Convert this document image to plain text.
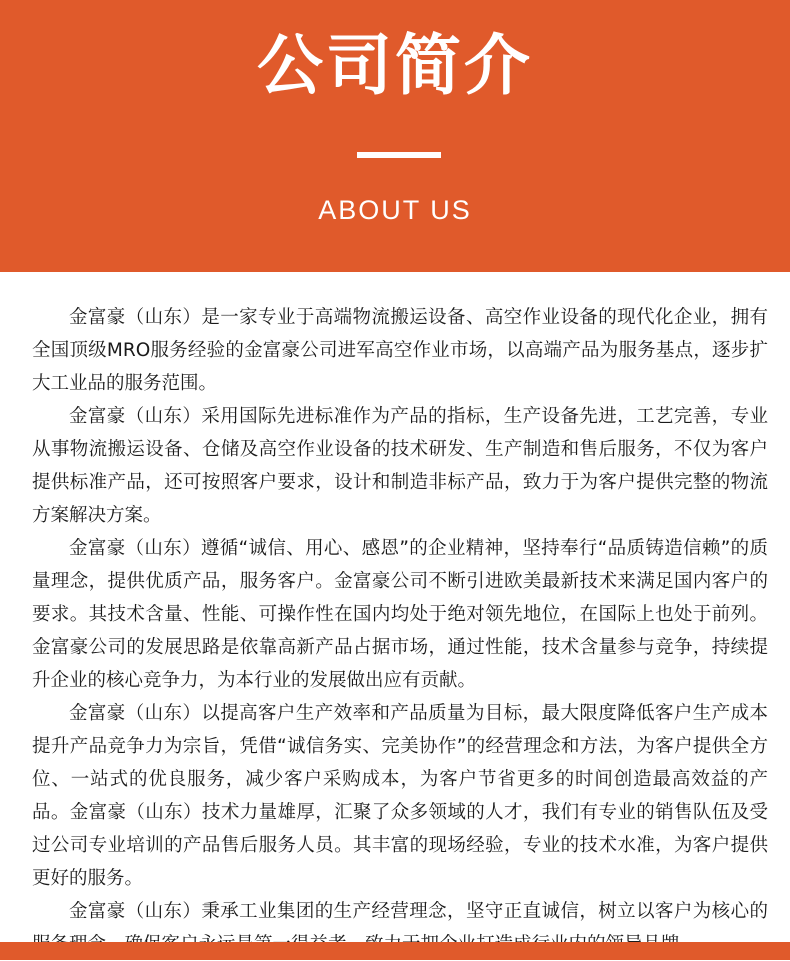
公司简介
ABOUT US

金富豪（山东）是一家专业于高端物流搬运设备、高空作业设备的现代化企业，拥有全国顶级MRO服务经验的金富豪公司进军高空作业市场，以高端产品为服务基点，逐步扩大工业品的服务范围。

金富豪（山东）采用国际先进标准作为产品的指标，生产设备先进，工艺完善，专业从事物流搬运设备、仓储及高空作业设备的技术研发、生产制造和售后服务，不仅为客户提供标准产品，还可按照客户要求，设计和制造非标产品，致力于为客户提供完整的物流方案解决方案。

金富豪（山东）遵循“诚信、用心、感恩”的企业精神，坚持奉行“品质铸造信赖”的质量理念，提供优质产品，服务客户。金富豪公司不断引进欧美最新技术来满足国内客户的要求。其技术含量、性能、可操作性在国内均处于绝对领先地位，在国际上也处于前列。金富豪公司的发展思路是依靠高新产品占据市场，通过性能，技术含量参与竞争，持续提升企业的核心竞争力，为本行业的发展做出应有贡献。

金富豪（山东）以提高客户生产效率和产品质量为目标，最大限度降低客户生产成本提升产品竞争力为宗旨，凭借“诚信务实、完美协作”的经营理念和方法，为客户提供全方位、一站式的优良服务，减少客户采购成本，为客户节省更多的时间创造最高效益的产品。金富豪（山东）技术力量雄厚，汇聚了众多领域的人才，我们有专业的销售队伍及受过公司专业培训的产品售后服务人员。其丰富的现场经验，专业的技术水准，为客户提供更好的服务。

金富豪（山东）秉承工业集团的生产经营理念，坚守正直诚信，树立以客户为核心的
